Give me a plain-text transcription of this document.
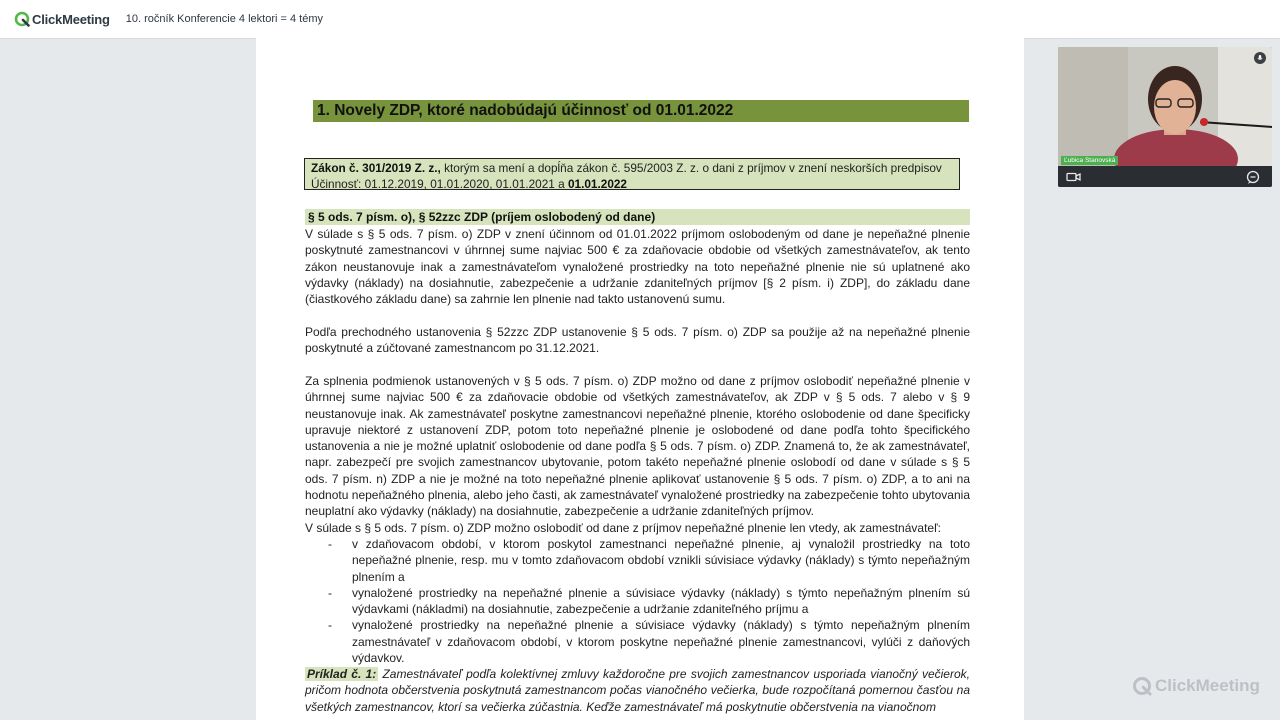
ClickMeeting 10. ročník Konferencie 4 lektori = 4 témy
1. Novely ZDP, ktoré nadobúdajú účinnosť od 01.01.2022
Zákon č. 301/2019 Z. z., ktorým sa mení a dopĺňa zákon č. 595/2003 Z. z. o dani z príjmov v znení neskorších predpisov
Účinnosť: 01.12.2019, 01.01.2020, 01.01.2021 a 01.01.2022
§ 5 ods. 7 písm. o), § 52zzc ZDP (príjem oslobodený od dane)
V súlade s § 5 ods. 7 písm. o) ZDP v znení účinnom od 01.01.2022 príjmom oslobodeným od dane je nepeňažné plnenie poskytnuté zamestnancovi v úhrnnej sume najviac 500 € za zdaňovacie obdobie od všetkých zamestnávateľov, ak tento zákon neustanovuje inak a zamestnávateľom vynaložené prostriedky na toto nepeňažné plnenie nie sú uplatnené ako výdavky (náklady) na dosiahnutie, zabezpečenie a udržanie zdaniteľných príjmov [§ 2 písm. i) ZDP], do základu dane (čiastkového základu dane) sa zahrnie len plnenie nad takto ustanovenú sumu.
Podľa prechodného ustanovenia § 52zzc ZDP ustanovenie § 5 ods. 7 písm. o) ZDP sa použije až na nepeňažné plnenie poskytnuté a zúčtované zamestnancom po 31.12.2021.
Za splnenia podmienok ustanovených v § 5 ods. 7 písm. o) ZDP možno od dane z príjmov oslobodiť nepeňažné plnenie v úhrnnej sume najviac 500 € za zdaňovacie obdobie od všetkých zamestnávateľov, ak ZDP v § 5 ods. 7 alebo v § 9 neustanovuje inak. Ak zamestnávateľ poskytne zamestnancovi nepeňažné plnenie, ktorého oslobodenie od dane špecificky upravuje niektoré z ustanovení ZDP, potom toto nepeňažné plnenie je oslobodené od dane podľa tohto špecifického ustanovenia a nie je možné uplatniť oslobodenie od dane podľa § 5 ods. 7 písm. o) ZDP. Znamená to, že ak zamestnávateľ, napr. zabezpečí pre svojich zamestnancov ubytovanie, potom takéto nepeňažné plnenie oslobodí od dane v súlade s § 5 ods. 7 písm. n) ZDP a nie je možné na toto nepeňažné plnenie aplikovať ustanovenie § 5 ods. 7 písm. o) ZDP, a to ani na hodnotu nepeňažného plnenia, alebo jeho časti, ak zamestnávateľ vynaložené prostriedky na zabezpečenie tohto ubytovania neuplatní ako výdavky (náklady) na dosiahnutie, zabezpečenie a udržanie zdaniteľných príjmov.
V súlade s § 5 ods. 7 písm. o) ZDP možno oslobodiť od dane z príjmov nepeňažné plnenie len vtedy, ak zamestnávateľ:
- v zdaňovacom období, v ktorom poskytol zamestnanci nepeňažné plnenie, aj vynaložil prostriedky na toto nepeňažné plnenie, resp. mu v tomto zdaňovacom období vznikli súvisiace výdavky (náklady) s týmto nepeňažným plnením a
- vynaložené prostriedky na nepeňažné plnenie a súvisiace výdavky (náklady) s týmto nepeňažným plnením sú výdavkami (nákladmi) na dosiahnutie, zabezpečenie a udržanie zdaniteľného príjmu a
- vynaložené prostriedky na nepeňažné plnenie a súvisiace výdavky (náklady) s týmto nepeňažným plnením zamestnávateľ v zdaňovacom období, v ktorom poskytne nepeňažné plnenie zamestnancovi, vylúči z daňových výdavkov.
Príklad č. 1: Zamestnávateľ podľa kolektívnej zmluvy každoročne pre svojich zamestnancov usporiada vianočný večierok, pričom hodnota občerstvenia poskytnutá zamestnancom počas vianočného večierka, bude rozpočítaná pomernou časťou na všetkých zamestnancov, ktorí sa večierka zúčastnia. Keďže zamestnávateľ má poskytnutie občerstvenia na vianočnom
Ľubica Stanovská
ClickMeeting
